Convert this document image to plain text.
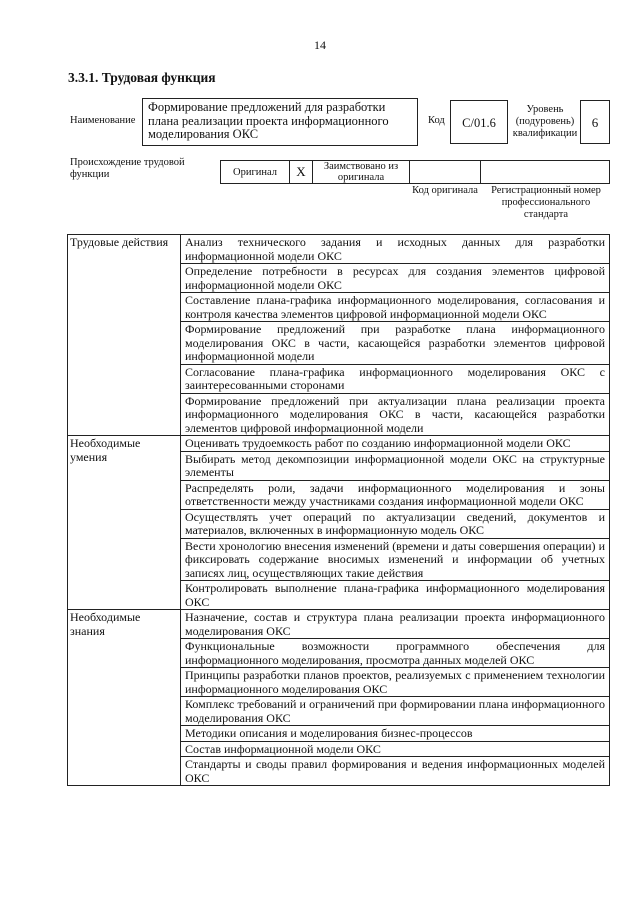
14
3.3.1. Трудовая функция
Наименование
Формирование предложений для разработки плана реализации проекта информационного моделирования ОКС
Код	C/01.6
Уровень (подуровень) квалификации
6
Происхождение трудовой функции	Оригинал	X	Заимствовано из оригинала		
Код оригинала	Регистрационный номер профессионального стандарта
Трудовые действия	Анализ технического задания и исходных данных для разработки информационной модели ОКС
	Определение потребности в ресурсах для создания элементов цифровой информационной модели ОКС
	Составление плана-графика информационного моделирования, согласования и контроля качества элементов цифровой информационной модели ОКС
	Формирование предложений при разработке плана информационного моделирования ОКС в части, касающейся разработки элементов цифровой информационной модели
	Согласование плана-графика информационного моделирования ОКС с заинтересованными сторонами
	Формирование предложений при актуализации плана реализации проекта информационного моделирования ОКС в части, касающейся разработки элементов цифровой информационной модели
Необходимые умения	Оценивать трудоемкость работ по созданию информационной модели ОКС
	Выбирать метод декомпозиции информационной модели ОКС на структурные элементы
	Распределять роли, задачи информационного моделирования и зоны ответственности между участниками создания информационной модели ОКС
	Осуществлять учет операций по актуализации сведений, документов и материалов, включенных в информационную модель ОКС
	Вести хронологию внесения изменений (времени и даты совершения операции) и фиксировать содержание вносимых изменений и информации об учетных записях лиц, осуществляющих такие действия
	Контролировать выполнение плана-графика информационного моделирования ОКС
Необходимые знания	Назначение, состав и структура плана реализации проекта информационного моделирования ОКС
	Функциональные возможности программного обеспечения для информационного моделирования, просмотра данных моделей ОКС
	Принципы разработки планов проектов, реализуемых с применением технологии информационного моделирования ОКС
	Комплекс требований и ограничений при формировании плана информационного моделирования ОКС
	Методики описания и моделирования бизнес-процессов
	Состав информационной модели ОКС
	Стандарты и своды правил формирования и ведения информационных моделей ОКС
